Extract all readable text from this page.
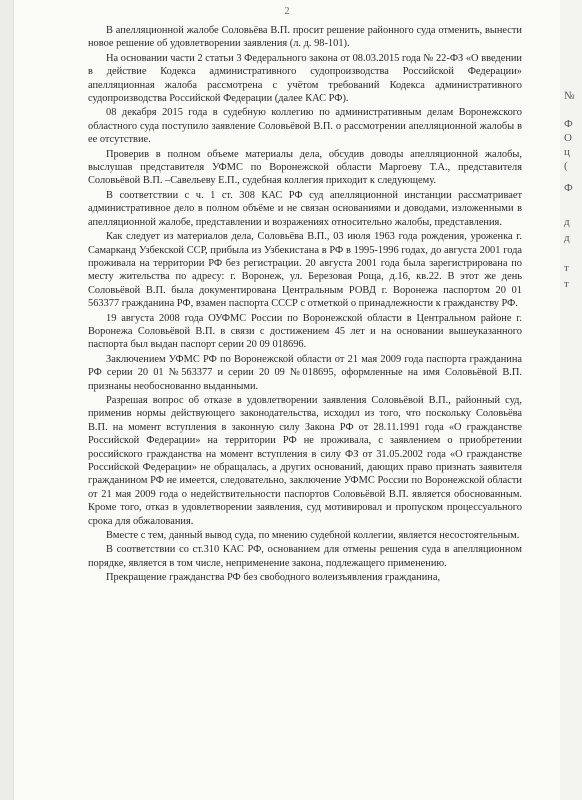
2

В апелляционной жалобе Соловьёва В.П. просит решение районного суда отменить, вынести новое решение об удовлетворении заявления (л. д. 98-101).

На основании части 2 статьи 3 Федерального закона от 08.03.2015 года № 22-ФЗ «О введении в действие Кодекса административного судопроизводства Российской Федерации» апелляционная жалоба рассмотрена с учётом требований Кодекса административного судопроизводства Российской Федерации (далее КАС РФ).

08 декабря 2015 года в судебную коллегию по административным делам Воронежского областного суда поступило заявление Соловьёвой В.П. о рассмотрении апелляционной жалобы в ее отсутствие.

Проверив в полном объеме материалы дела, обсудив доводы апелляционной жалобы, выслушав представителя УФМС по Воронежской области Маргоеву Т.А., представителя Соловьёвой В.П. –Савельеву Е.П., судебная коллегия приходит к следующему.

В соответствии с ч. 1 ст. 308 КАС РФ суд апелляционной инстанции рассматривает административное дело в полном объёме и не связан основаниями и доводами, изложенными в апелляционной жалобе, представлении и возражениях относительно жалобы, представления.

Как следует из материалов дела, Соловьёва В.П., 03 июля 1963 года рождения, уроженка г. Самарканд Узбекской ССР, прибыла из Узбекистана в РФ в 1995-1996 годах, до августа 2001 года проживала на территории РФ без регистрации. 20 августа 2001 года была зарегистрирована по месту жительства по адресу: г. Воронеж, ул. Березовая Роща, д.16, кв.22. В этот же день Соловьёвой В.П. была документирована Центральным РОВД г. Воронежа паспортом 20 01 563377 гражданина РФ, взамен паспорта СССР с отметкой о принадлежности к гражданству РФ.

19 августа 2008 года ОУФМС России по Воронежской области в Центральном районе г. Воронежа Соловьёвой В.П. в связи с достижением 45 лет и на основании вышеуказанного паспорта был выдан паспорт серии 20 09 018696.

Заключением УФМС РФ по Воронежской области от 21 мая 2009 года паспорта гражданина РФ серии 20 01 №563377 и серии 20 09 №018695, оформленные на имя Соловьёвой В.П. признаны необоснованно выданными.

Разрешая вопрос об отказе в удовлетворении заявления Соловьёвой В.П., районный суд, применив нормы действующего законодательства, исходил из того, что поскольку Соловьёва В.П. на момент вступления в законную силу Закона РФ от 28.11.1991 года «О гражданстве Российской Федерации» на территории РФ не проживала, с заявлением о приобретении российского гражданства на момент вступления в силу ФЗ от 31.05.2002 года «О гражданстве Российской Федерации» не обращалась, а других оснований, дающих право признать заявителя гражданином РФ не имеется, следовательно, заключение УФМС России по Воронежской области от 21 мая 2009 года о недействительности паспортов Соловьёвой В.П. является обоснованным. Кроме того, отказ в удовлетворении заявления, суд мотивировал и пропуском процессуального срока для обжалования.

Вместе с тем, данный вывод суда, по мнению судебной коллегии, является несостоятельным.

В соответствии со ст.310 КАС РФ, основанием для отмены решения суда в апелляционном порядке, является в том числе, неприменение закона, подлежащего применению.

Прекращение гражданства РФ без свободного волеизъявления гражданина,

№
Ф
О
ц
(
Ф
д
д
т
т
